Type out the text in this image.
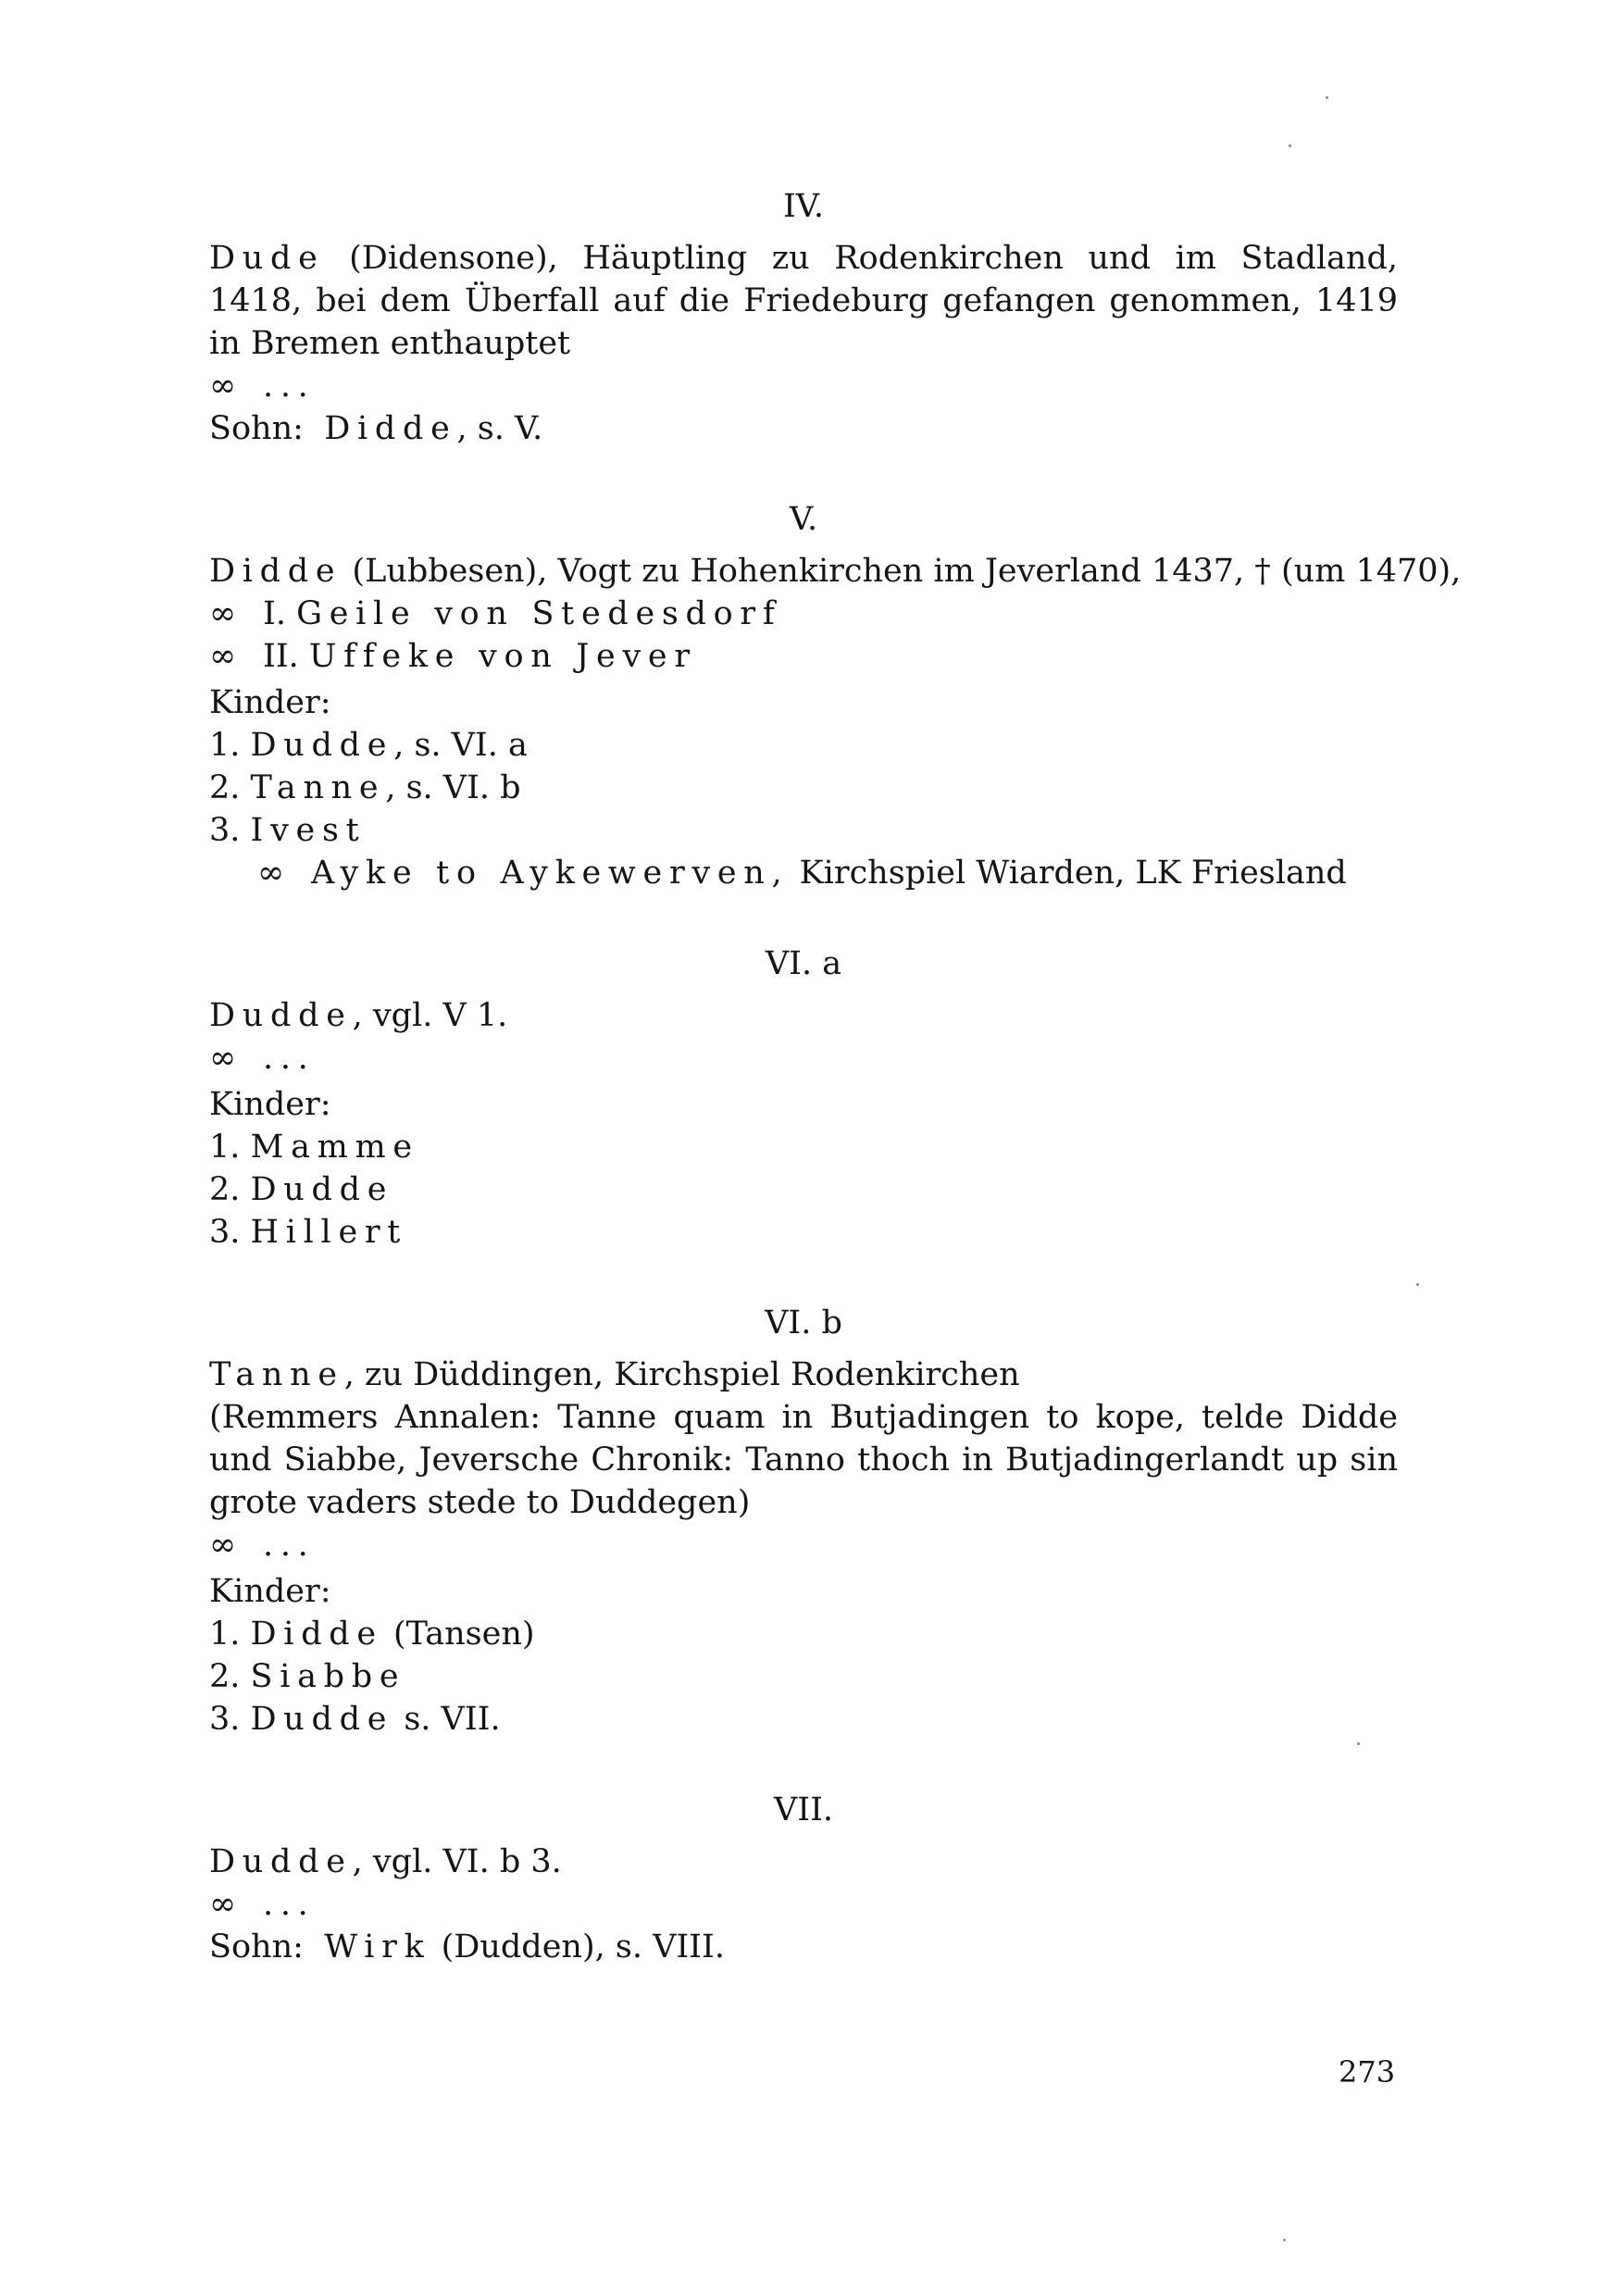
IV.

Dude (Didensone), Häuptling zu Rodenkirchen und im Stadland, 1418, bei dem Überfall auf die Friedeburg gefangen genommen, 1419 in Bremen enthauptet

∞ ...

Sohn: Didde, s. V.

V.

Didde (Lubbesen), Vogt zu Hohenkirchen im Jeverland 1437, † (um 1470),

∞ I. Geile von Stedesdorf

∞ II. Uffeke von Jever

Kinder:

1. Dudde, s. VI. a

2. Tanne, s. VI. b

3. Ivest

∞ Ayke to Aykewerven, Kirchspiel Wiarden, LK Friesland

VI. a

Dudde, vgl. V 1.

∞ ...

Kinder:

1. Mamme

2. Dudde

3. Hillert

VI. b

Tanne, zu Düddingen, Kirchspiel Rodenkirchen

(Remmers Annalen: Tanne quam in Butjadingen to kope, telde Didde und Siabbe, Jeversche Chronik: Tanno thoch in Butjadingerlandt up sin grote vaders stede to Duddegen)

∞ ...

Kinder:

1. Didde (Tansen)

2. Siabbe

3. Dudde s. VII.

VII.

Dudde, vgl. VI. b 3.

∞ ...

Sohn: Wirk (Dudden), s. VIII.

273
